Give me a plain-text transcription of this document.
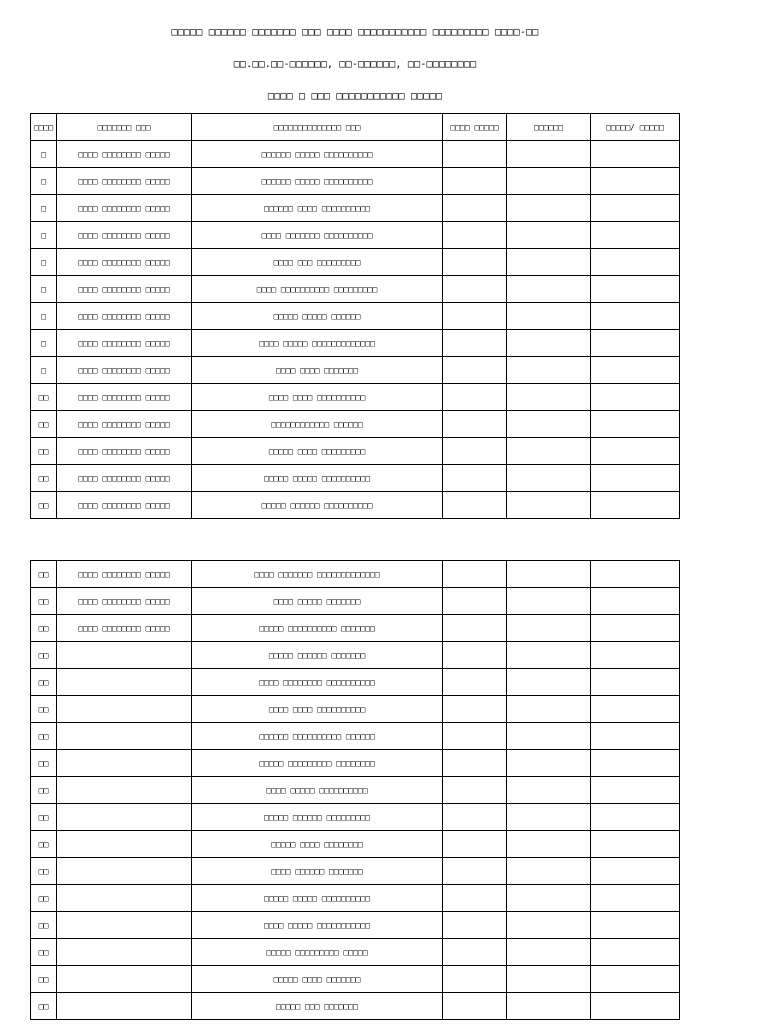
□□□□□ □□□□□□ □□□□□□□ □□□ □□□□ □□□□□□□□□□□ □□□□□□□□□ □□□□-□□
□□.□□.□□-□□□□□□, □□-□□□□□□, □□-□□□□□□□□
□□□□ □ □□□ □□□□□□□□□□□ □□□□□
□□□□	□□□□□□□ □□□	□□□□□□□□□□□□□□ □□□	□□□□ □□□□□	□□□□□□	□□□□□/ □□□□□
□	□□□□ □□□□□□□□ □□□□□	□□□□□□ □□□□□ □□□□□□□□□□			
□	□□□□ □□□□□□□□ □□□□□	□□□□□□ □□□□□ □□□□□□□□□□			
□	□□□□ □□□□□□□□ □□□□□	□□□□□□ □□□□ □□□□□□□□□□			
□	□□□□ □□□□□□□□ □□□□□	□□□□ □□□□□□□ □□□□□□□□□□			
□	□□□□ □□□□□□□□ □□□□□	□□□□ □□□ □□□□□□□□□			
□	□□□□ □□□□□□□□ □□□□□	□□□□ □□□□□□□□□□ □□□□□□□□□			
□	□□□□ □□□□□□□□ □□□□□	□□□□□ □□□□□ □□□□□□			
□	□□□□ □□□□□□□□ □□□□□	□□□□ □□□□□ □□□□□□□□□□□□□			
□	□□□□ □□□□□□□□ □□□□□	□□□□ □□□□ □□□□□□□			
□□	□□□□ □□□□□□□□ □□□□□	□□□□ □□□□ □□□□□□□□□□			
□□	□□□□ □□□□□□□□ □□□□□	□□□□□□□□□□□□ □□□□□□			
□□	□□□□ □□□□□□□□ □□□□□	□□□□□ □□□□ □□□□□□□□□			
□□	□□□□ □□□□□□□□ □□□□□	□□□□□ □□□□□ □□□□□□□□□□			
□□	□□□□ □□□□□□□□ □□□□□	□□□□□ □□□□□□ □□□□□□□□□□			
□□	□□□□ □□□□□□□□ □□□□□	□□□□ □□□□□□□ □□□□□□□□□□□□□			
□□	□□□□ □□□□□□□□ □□□□□	□□□□ □□□□□ □□□□□□□			
□□	□□□□ □□□□□□□□ □□□□□	□□□□□ □□□□□□□□□□ □□□□□□□			
□□		□□□□□ □□□□□□ □□□□□□□			
□□		□□□□ □□□□□□□□ □□□□□□□□□□			
□□		□□□□ □□□□ □□□□□□□□□□			
□□		□□□□□□ □□□□□□□□□□ □□□□□□			
□□		□□□□□ □□□□□□□□□ □□□□□□□□			
□□		□□□□ □□□□□ □□□□□□□□□□			
□□		□□□□□ □□□□□□ □□□□□□□□□			
□□		□□□□□ □□□□ □□□□□□□□			
□□		□□□□ □□□□□□ □□□□□□□			
□□		□□□□□ □□□□□ □□□□□□□□□□			
□□		□□□□ □□□□□ □□□□□□□□□□□			
□□		□□□□□ □□□□□□□□□ □□□□□			
□□		□□□□□ □□□□ □□□□□□□			
□□		□□□□□ □□□ □□□□□□□			
